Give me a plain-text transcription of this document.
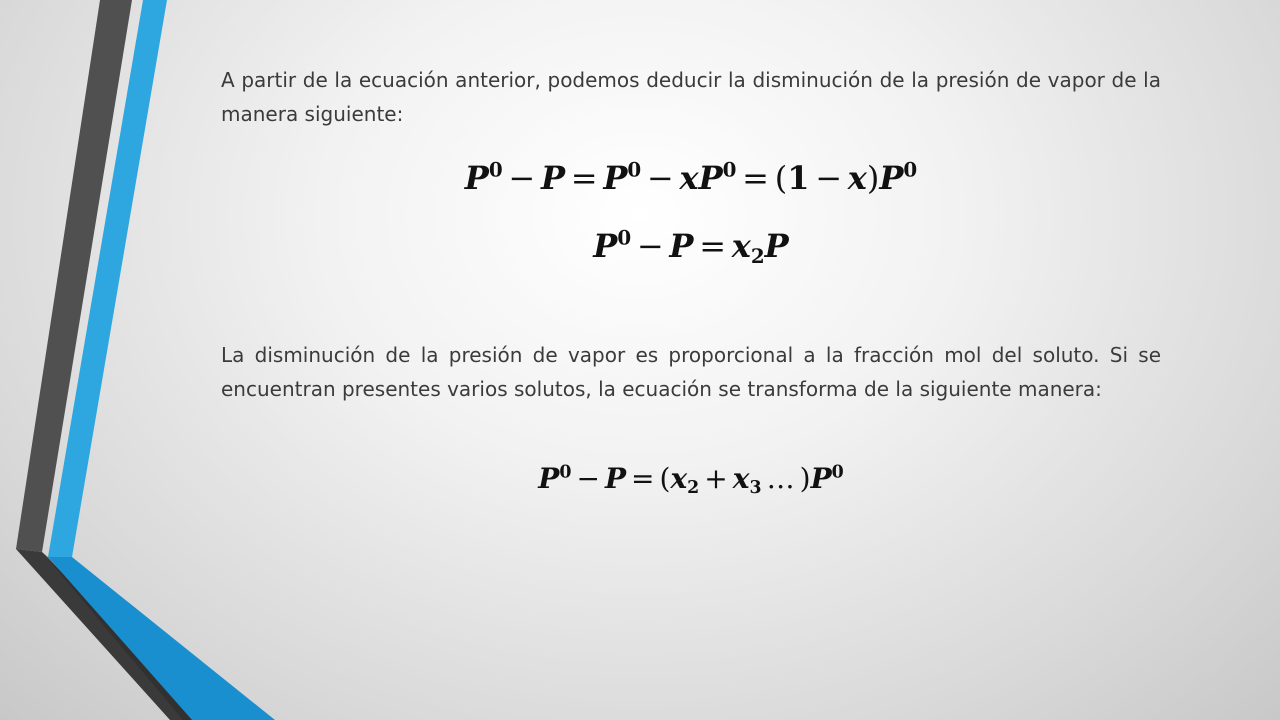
A partir de la ecuación anterior, podemos deducir la disminución de la presión de vapor de la manera siguiente:

$P^0 - P = P^0 - xP^0 = (1 - x)P^0$
$P^0 - P = x2P$

La disminución de la presión de vapor es proporcional a la fracción mol del soluto. Si se encuentran presentes varios solutos, la ecuación se transforma de la siguiente manera:

$P^0 - P = (x2 + x3$ … )$P^0$
